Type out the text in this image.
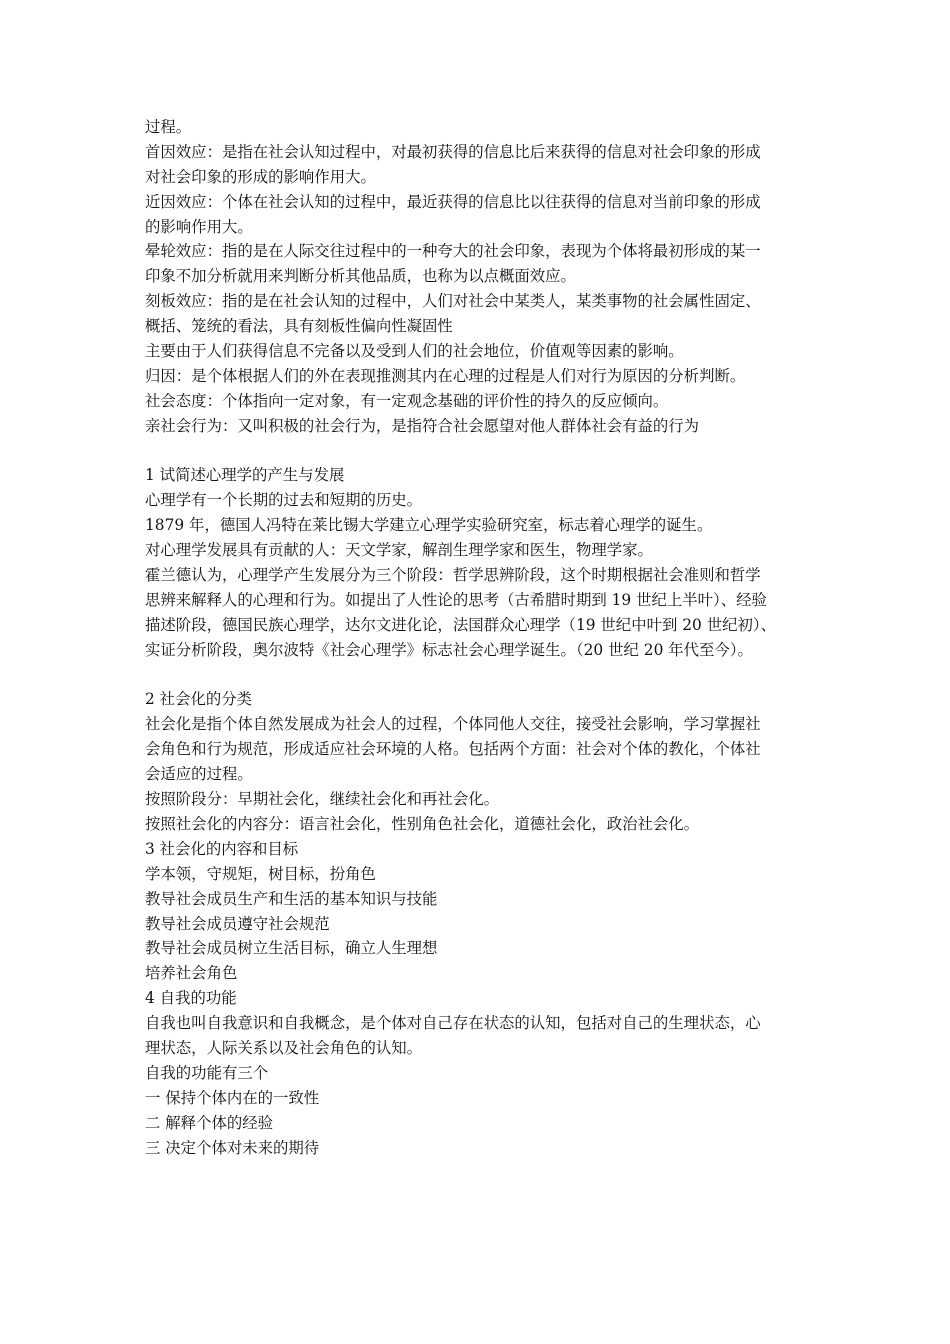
过程。
首因效应：是指在社会认知过程中，对最初获得的信息比后来获得的信息对社会印象的形成
对社会印象的形成的影响作用大。
近因效应：个体在社会认知的过程中，最近获得的信息比以往获得的信息对当前印象的形成
的影响作用大。
晕轮效应：指的是在人际交往过程中的一种夸大的社会印象，表现为个体将最初形成的某一
印象不加分析就用来判断分析其他品质，也称为以点概面效应。
刻板效应：指的是在社会认知的过程中，人们对社会中某类人，某类事物的社会属性固定、
概括、笼统的看法，具有刻板性偏向性凝固性
主要由于人们获得信息不完备以及受到人们的社会地位，价值观等因素的影响。
归因：是个体根据人们的外在表现推测其内在心理的过程是人们对行为原因的分析判断。
社会态度：个体指向一定对象，有一定观念基础的评价性的持久的反应倾向。
亲社会行为：又叫积极的社会行为，是指符合社会愿望对他人群体社会有益的行为
1 试简述心理学的产生与发展
心理学有一个长期的过去和短期的历史。
1879 年，德国人冯特在莱比锡大学建立心理学实验研究室，标志着心理学的诞生。
对心理学发展具有贡献的人：天文学家，解剖生理学家和医生，物理学家。
霍兰德认为，心理学产生发展分为三个阶段：哲学思辨阶段，这个时期根据社会准则和哲学
思辨来解释人的心理和行为。如提出了人性论的思考（古希腊时期到 19 世纪上半叶）、经验
描述阶段，德国民族心理学，达尔文进化论，法国群众心理学（19 世纪中叶到 20 世纪初）、
实证分析阶段，奥尔波特《社会心理学》标志社会心理学诞生。（20 世纪 20 年代至今）。
2 社会化的分类
社会化是指个体自然发展成为社会人的过程，个体同他人交往，接受社会影响，学习掌握社
会角色和行为规范，形成适应社会环境的人格。包括两个方面：社会对个体的教化，个体社
会适应的过程。
按照阶段分：早期社会化，继续社会化和再社会化。
按照社会化的内容分：语言社会化，性别角色社会化，道德社会化，政治社会化。
3 社会化的内容和目标
学本领，守规矩，树目标，扮角色
教导社会成员生产和生活的基本知识与技能
教导社会成员遵守社会规范
教导社会成员树立生活目标，确立人生理想
培养社会角色
4 自我的功能
自我也叫自我意识和自我概念，是个体对自己存在状态的认知，包括对自己的生理状态，心
理状态，人际关系以及社会角色的认知。
自我的功能有三个
一 保持个体内在的一致性
二 解释个体的经验
三 决定个体对未来的期待
